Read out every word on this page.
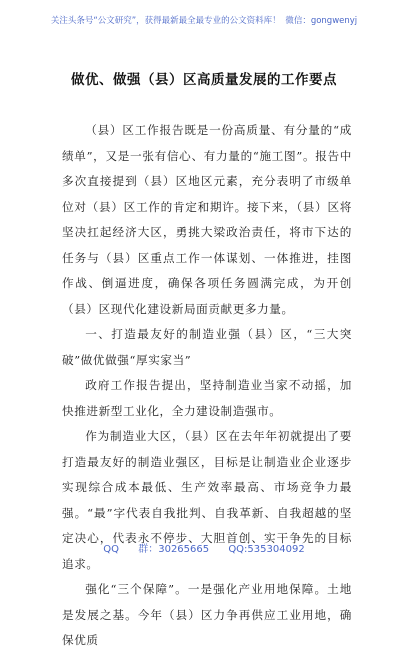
关注头条号“公文研究”，获得最新最全最专业的公文资料库！ 微信：gongwenyj
做优、做强（县）区高质量发展的工作要点

（县）区工作报告既是一份高质量、有分量的“成绩单”，又是一张有信心、有力量的“施工图”。报告中多次直接提到（县）区地区元素，充分表明了市级单位对（县）区工作的肯定和期许。接下来，（县）区将坚决扛起经济大区，勇挑大梁政治责任，将市下达的任务与（县）区重点工作一体谋划、一体推进，挂图作战、倒逼进度，确保各项任务圆满完成，为开创（县）区现代化建设新局面贡献更多力量。

一、打造最友好的制造业强（县）区，“三大突破”做优做强“厚实家当”

政府工作报告提出，坚持制造业当家不动摇，加快推进新型工业化，全力建设制造强市。

作为制造业大区，（县）区在去年年初就提出了要打造最友好的制造业强区，目标是让制造业企业逐步实现综合成本最低、生产效率最高、市场竞争力最强。“最”字代表自我批判、自我革新、自我超越的坚定决心，代表永不停步、大胆首创、实干争先的目标追求。

强化“三个保障”。一是强化产业用地保障。土地是发展之基。今年（县）区力争再供应工业用地，确保优质

QQ 群：30265665 QQ:535304092
